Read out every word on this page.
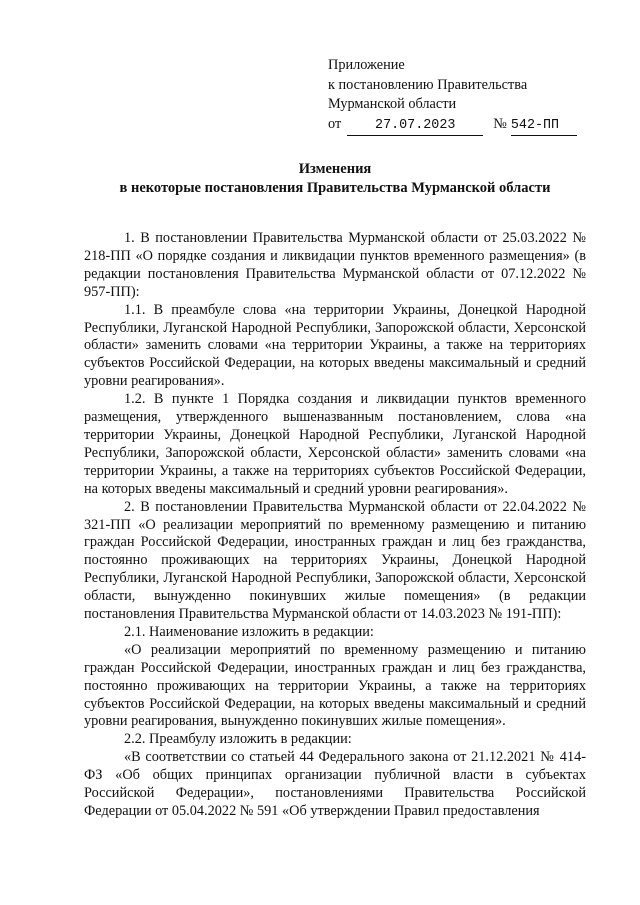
Приложение
к постановлению Правительства
Мурманской области
от	27.07.2023	№ 542-ПП
Изменения
в некоторые постановления Правительства Мурманской области

1. В постановлении Правительства Мурманской области от 25.03.2022 № 218-ПП «О порядке создания и ликвидации пунктов временного размещения» (в редакции постановления Правительства Мурманской области от 07.12.2022 № 957-ПП):

1.1. В преамбуле слова «на территории Украины, Донецкой Народной Республики, Луганской Народной Республики, Запорожской области, Херсонской области» заменить словами «на территории Украины, а также на территориях субъектов Российской Федерации, на которых введены максимальный и средний уровни реагирования».

1.2. В пункте 1 Порядка создания и ликвидации пунктов временного размещения, утвержденного вышеназванным постановлением, слова «на территории Украины, Донецкой Народной Республики, Луганской Народной Республики, Запорожской области, Херсонской области» заменить словами «на территории Украины, а также на территориях субъектов Российской Федерации, на которых введены максимальный и средний уровни реагирования».

2. В постановлении Правительства Мурманской области от 22.04.2022 № 321-ПП «О реализации мероприятий по временному размещению и питанию граждан Российской Федерации, иностранных граждан и лиц без гражданства, постоянно проживающих на территориях Украины, Донецкой Народной Республики, Луганской Народной Республики, Запорожской области, Херсонской области, вынужденно покинувших жилые помещения» (в редакции постановления Правительства Мурманской области от 14.03.2023 № 191-ПП):

2.1. Наименование изложить в редакции:

«О реализации мероприятий по временному размещению и питанию граждан Российской Федерации, иностранных граждан и лиц без гражданства, постоянно проживающих на территории Украины, а также на территориях субъектов Российской Федерации, на которых введены максимальный и средний уровни реагирования, вынужденно покинувших жилые помещения».

2.2. Преамбулу изложить в редакции:

«В соответствии со статьей 44 Федерального закона от 21.12.2021 № 414-ФЗ «Об общих принципах организации публичной власти в субъектах Российской Федерации», постановлениями Правительства Российской Федерации от 05.04.2022 № 591 «Об утверждении Правил предоставления
